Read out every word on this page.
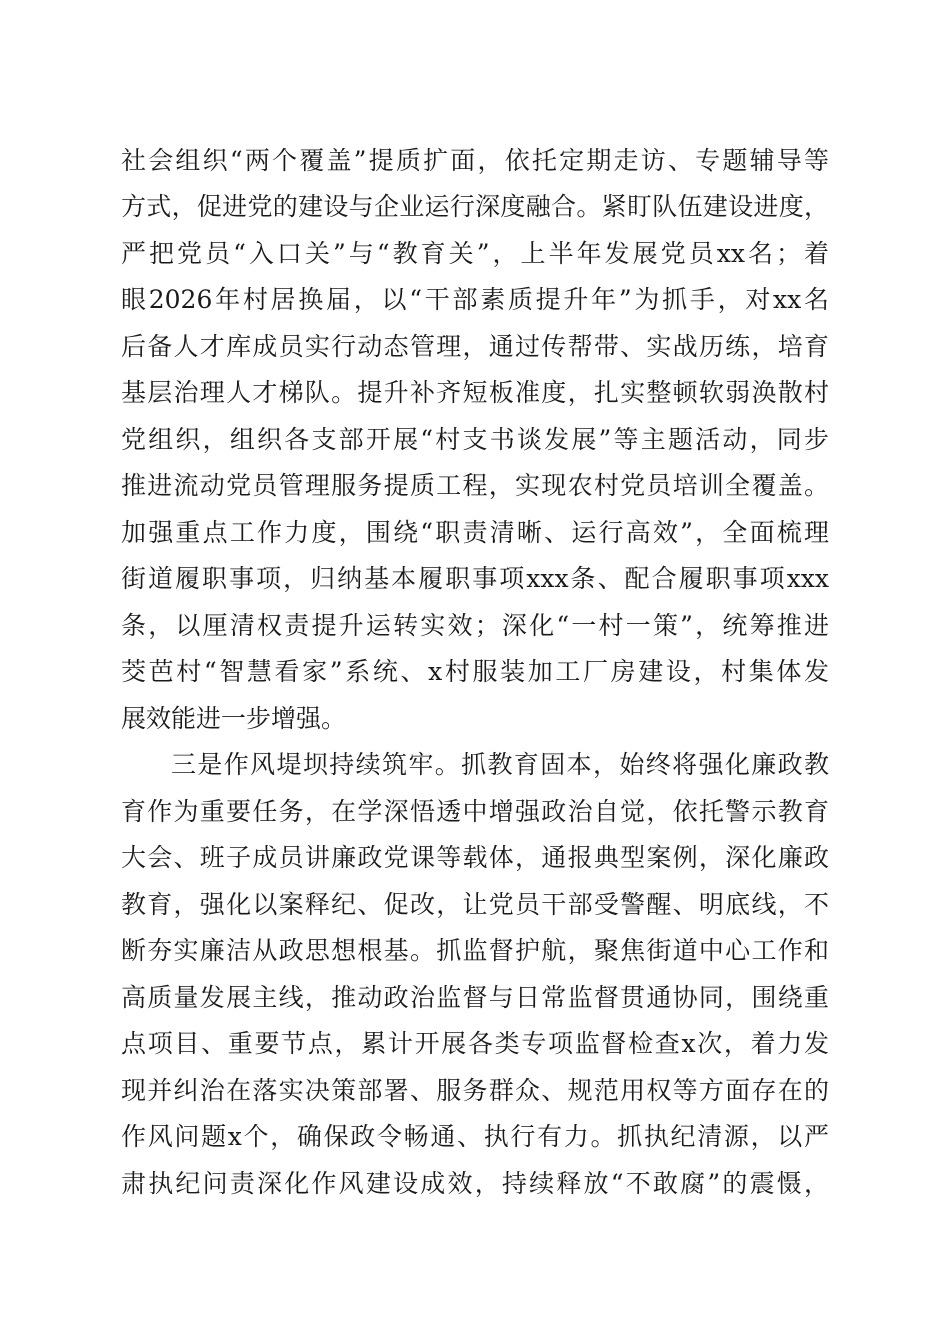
社会组织“两个覆盖”提质扩面，依托定期走访、专题辅导等
方式，促进党的建设与企业运行深度融合。紧盯队伍建设进度，
严把党员“入口关”与“教育关”，上半年发展党员xx名；着
眼2026年村居换届，以“干部素质提升年”为抓手，对xx名
后备人才库成员实行动态管理，通过传帮带、实战历练，培育
基层治理人才梯队。提升补齐短板准度，扎实整顿软弱涣散村
党组织，组织各支部开展“村支书谈发展”等主题活动，同步
推进流动党员管理服务提质工程，实现农村党员培训全覆盖。
加强重点工作力度，围绕“职责清晰、运行高效”，全面梳理
街道履职事项，归纳基本履职事项xxx条、配合履职事项xxx
条，以厘清权责提升运转实效；深化“一村一策”，统筹推进
茭芭村“智慧看家”系统、x村服装加工厂房建设，村集体发
展效能进一步增强。
三是作风堤坝持续筑牢。抓教育固本，始终将强化廉政教
育作为重要任务，在学深悟透中增强政治自觉，依托警示教育
大会、班子成员讲廉政党课等载体，通报典型案例，深化廉政
教育，强化以案释纪、促改，让党员干部受警醒、明底线，不
断夯实廉洁从政思想根基。抓监督护航，聚焦街道中心工作和
高质量发展主线，推动政治监督与日常监督贯通协同，围绕重
点项目、重要节点，累计开展各类专项监督检查x次，着力发
现并纠治在落实决策部署、服务群众、规范用权等方面存在的
作风问题x个，确保政令畅通、执行有力。抓执纪清源，以严
肃执纪问责深化作风建设成效，持续释放“不敢腐”的震慑，
